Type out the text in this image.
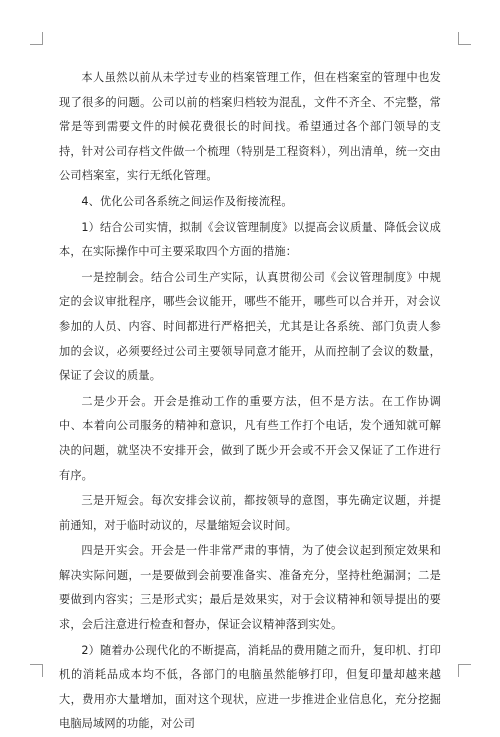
本人虽然以前从未学过专业的档案管理工作，但在档案室的管理中也发现了很多的问题。公司以前的档案归档较为混乱，文件不齐全、不完整，常常是等到需要文件的时候花费很长的时间找。希望通过各个部门领导的支持，针对公司存档文件做一个梳理（特别是工程资料），列出清单，统一交由公司档案室，实行无纸化管理。

4、优化公司各系统之间运作及衔接流程。

1）结合公司实情，拟制《会议管理制度》以提高会议质量、降低会议成本，在实际操作中可主要采取四个方面的措施：

一是控制会。结合公司生产实际，认真贯彻公司《会议管理制度》中规定的会议审批程序，哪些会议能开，哪些不能开，哪些可以合并开，对会议参加的人员、内容、时间都进行严格把关，尤其是让各系统、部门负责人参加的会议，必须要经过公司主要领导同意才能开，从而控制了会议的数量，保证了会议的质量。

二是少开会。开会是推动工作的重要方法，但不是方法。在工作协调中、本着向公司服务的精神和意识，凡有些工作打个电话，发个通知就可解决的问题，就坚决不安排开会，做到了既少开会或不开会又保证了工作进行有序。

三是开短会。每次安排会议前，都按领导的意图，事先确定议题，并提前通知，对于临时动议的，尽量缩短会议时间。

四是开实会。开会是一件非常严肃的事情，为了使会议起到预定效果和解决实际问题，一是要做到会前要准备实、准备充分，坚持杜绝漏洞；二是要做到内容实；三是形式实；最后是效果实，对于会议精神和领导提出的要求，会后注意进行检查和督办，保证会议精神落到实处。

2）随着办公现代化的不断提高，消耗品的费用随之而升，复印机、打印机的消耗品成本均不低，各部门的电脑虽然能够打印，但复印量却越来越大，费用亦大量增加，面对这个现状，应进一步推进企业信息化，充分挖掘电脑局域网的功能，对公司
